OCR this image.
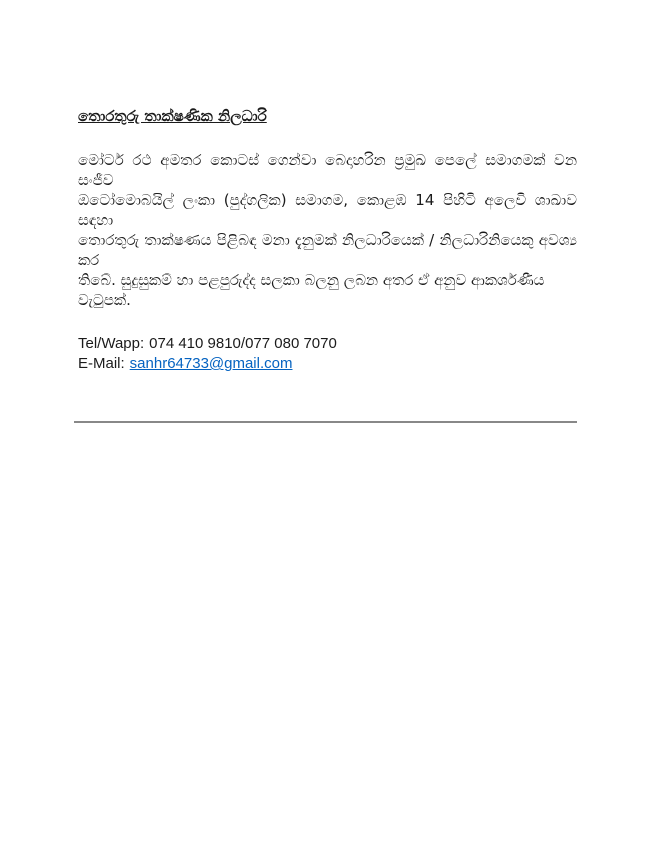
තොරතුරු තාක්ෂණික නිලධාරි
මෝටර් රථ අමතර කොටස් ගෙන්වා බෙදාහරින ප්‍රමුඛ පෙලේ සමාගමක් වන සංජීව
ඔටෝමොබයිල් ලංකා (පුද්ගලික) සමාගම, කොළඹ 14 පිහිටි අලෙවි ශාඛාව සඳහා
තොරතුරු තාක්ෂණය පිළිබඳ මනා දැනුමක් නිලධාරියෙක් / නිලධාරිනියෙකු අවශ්‍ය කර
තිබේ. සුදුසුකම් හා පළපුරුද්ද සලකා බලනු ලබන අතර ඒ අනුව ආකර්ශණීය වැටුපක්.
Tel/Wapp: 074 410 9810/077 080 7070
E-Mail: sanhr64733@gmail.com
